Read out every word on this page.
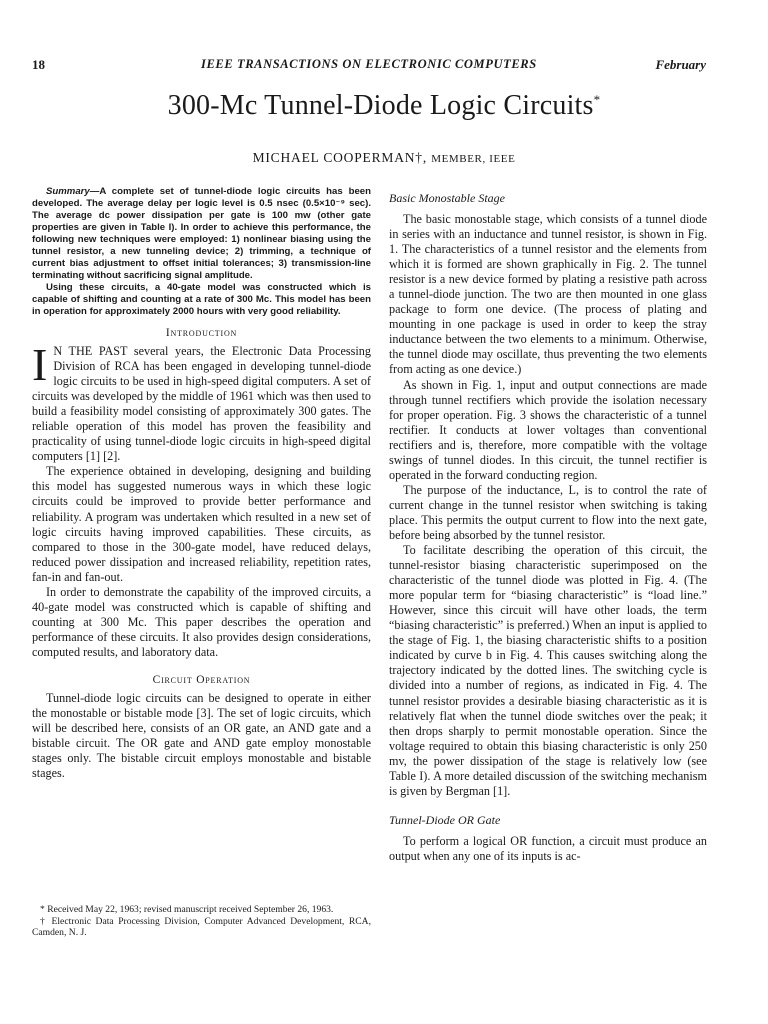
18	IEEE TRANSACTIONS ON ELECTRONIC COMPUTERS	February
300-Mc Tunnel-Diode Logic Circuits*
MICHAEL COOPERMAN†, MEMBER, IEEE

Summary—A complete set of tunnel-diode logic circuits has been developed. The average delay per logic level is 0.5 nsec (0.5×10⁻⁹ sec). The average dc power dissipation per gate is 100 mw (other gate properties are given in Table I). In order to achieve this performance, the following new techniques were employed: 1) nonlinear biasing using the tunnel resistor, a new tunneling device; 2) trimming, a technique of current bias adjustment to offset initial tolerances; 3) transmission-line terminating without sacrificing signal amplitude.

Using these circuits, a 40-gate model was constructed which is capable of shifting and counting at a rate of 300 Mc. This model has been in operation for approximately 2000 hours with very good reliability.

Introduction

I N THE PAST several years, the Electronic Data Processing Division of RCA has been engaged in developing tunnel-diode logic circuits to be used in high-speed digital computers. A set of circuits was developed by the middle of 1961 which was then used to build a feasibility model consisting of approximately 300 gates. The reliable operation of this model has proven the feasibility and practicality of using tunnel-diode logic circuits in high-speed digital computers [1] [2].

The experience obtained in developing, designing and building this model has suggested numerous ways in which these logic circuits could be improved to provide better performance and reliability. A program was undertaken which resulted in a new set of logic circuits having improved capabilities. These circuits, as compared to those in the 300-gate model, have reduced delays, reduced power dissipation and increased reliability, repetition rates, fan-in and fan-out.

In order to demonstrate the capability of the improved circuits, a 40-gate model was constructed which is capable of shifting and counting at 300 Mc. This paper describes the operation and performance of these circuits. It also provides design considerations, computed results, and laboratory data.

Circuit Operation

Tunnel-diode logic circuits can be designed to operate in either the monostable or bistable mode [3]. The set of logic circuits, which will be described here, consists of an OR gate, an AND gate and a bistable circuit. The OR gate and AND gate employ monostable stages only. The bistable circuit employs monostable and bistable stages.

* Received May 22, 1963; revised manuscript received September 26, 1963.

† Electronic Data Processing Division, Computer Advanced Development, RCA, Camden, N. J.

Basic Monostable Stage

The basic monostable stage, which consists of a tunnel diode in series with an inductance and tunnel resistor, is shown in Fig. 1. The characteristics of a tunnel resistor and the elements from which it is formed are shown graphically in Fig. 2. The tunnel resistor is a new device formed by plating a resistive path across a tunnel-diode junction. The two are then mounted in one glass package to form one device. (The process of plating and mounting in one package is used in order to keep the stray inductance between the two elements to a minimum. Otherwise, the tunnel diode may oscillate, thus preventing the two elements from acting as one device.)

As shown in Fig. 1, input and output connections are made through tunnel rectifiers which provide the isolation necessary for proper operation. Fig. 3 shows the characteristic of a tunnel rectifier. It conducts at lower voltages than conventional rectifiers and is, therefore, more compatible with the voltage swings of tunnel diodes. In this circuit, the tunnel rectifier is operated in the forward conducting region.

The purpose of the inductance, L, is to control the rate of current change in the tunnel resistor when switching is taking place. This permits the output current to flow into the next gate, before being absorbed by the tunnel resistor.

To facilitate describing the operation of this circuit, the tunnel-resistor biasing characteristic superimposed on the characteristic of the tunnel diode was plotted in Fig. 4. (The more popular term for “biasing characteristic” is “load line.” However, since this circuit will have other loads, the term “biasing characteristic” is preferred.) When an input is applied to the stage of Fig. 1, the biasing characteristic shifts to a position indicated by curve b in Fig. 4. This causes switching along the trajectory indicated by the dotted lines. The switching cycle is divided into a number of regions, as indicated in Fig. 4. The tunnel resistor provides a desirable biasing characteristic as it is relatively flat when the tunnel diode switches over the peak; it then drops sharply to permit monostable operation. Since the voltage required to obtain this biasing characteristic is only 250 mv, the power dissipation of the stage is relatively low (see Table I). A more detailed discussion of the switching mechanism is given by Bergman [1].

Tunnel-Diode OR Gate

To perform a logical OR function, a circuit must produce an output when any one of its inputs is ac-
